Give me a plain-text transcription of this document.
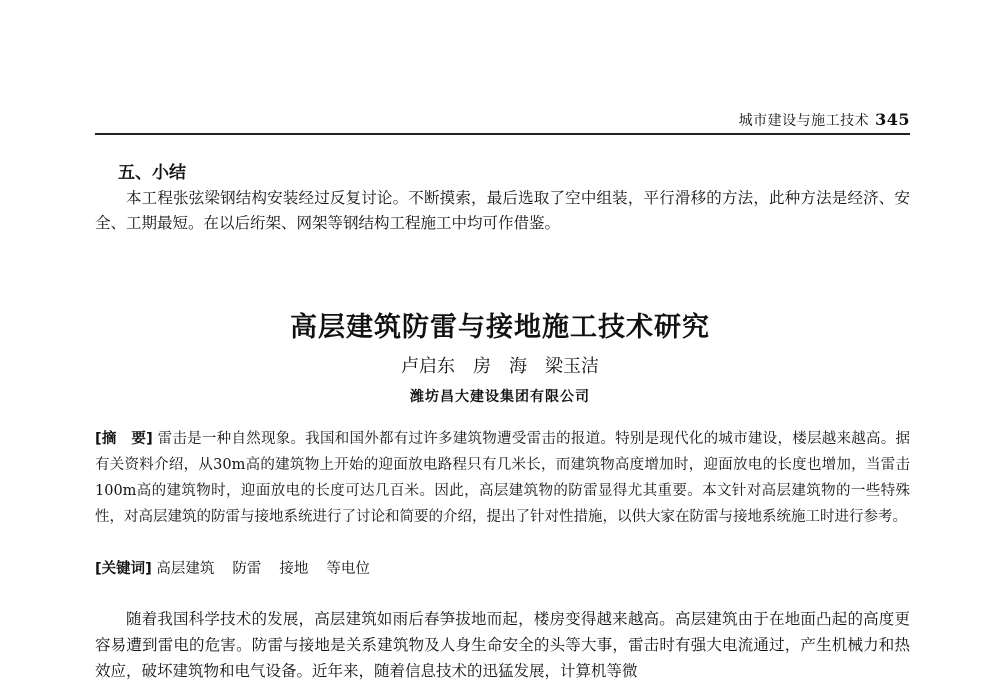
城市建设与施工技术 345
五、小结
本工程张弦梁钢结构安装经过反复讨论。不断摸索，最后选取了空中组装，平行滑移的方法，此种方法是经济、安全、工期最短。在以后绗架、网架等钢结构工程施工中均可作借鉴。
高层建筑防雷与接地施工技术研究
卢启东　房　海　梁玉洁
潍坊昌大建设集团有限公司
[摘　要] 雷击是一种自然现象。我国和国外都有过许多建筑物遭受雷击的报道。特别是现代化的城市建设，楼层越来越高。据有关资料介绍，从30m高的建筑物上开始的迎面放电路程只有几米长，而建筑物高度增加时，迎面放电的长度也增加，当雷击100m高的建筑物时，迎面放电的长度可达几百米。因此，高层建筑物的防雷显得尤其重要。本文针对高层建筑物的一些特殊性，对高层建筑的防雷与接地系统进行了讨论和简要的介绍，提出了针对性措施，以供大家在防雷与接地系统施工时进行参考。
[关键词] 高层建筑 防雷 接地 等电位
随着我国科学技术的发展，高层建筑如雨后春笋拔地而起，楼房变得越来越高。高层建筑由于在地面凸起的高度更容易遭到雷电的危害。防雷与接地是关系建筑物及人身生命安全的头等大事，雷击时有强大电流通过，产生机械力和热效应，破坏建筑物和电气设备。近年来，随着信息技术的迅猛发展，计算机等微
